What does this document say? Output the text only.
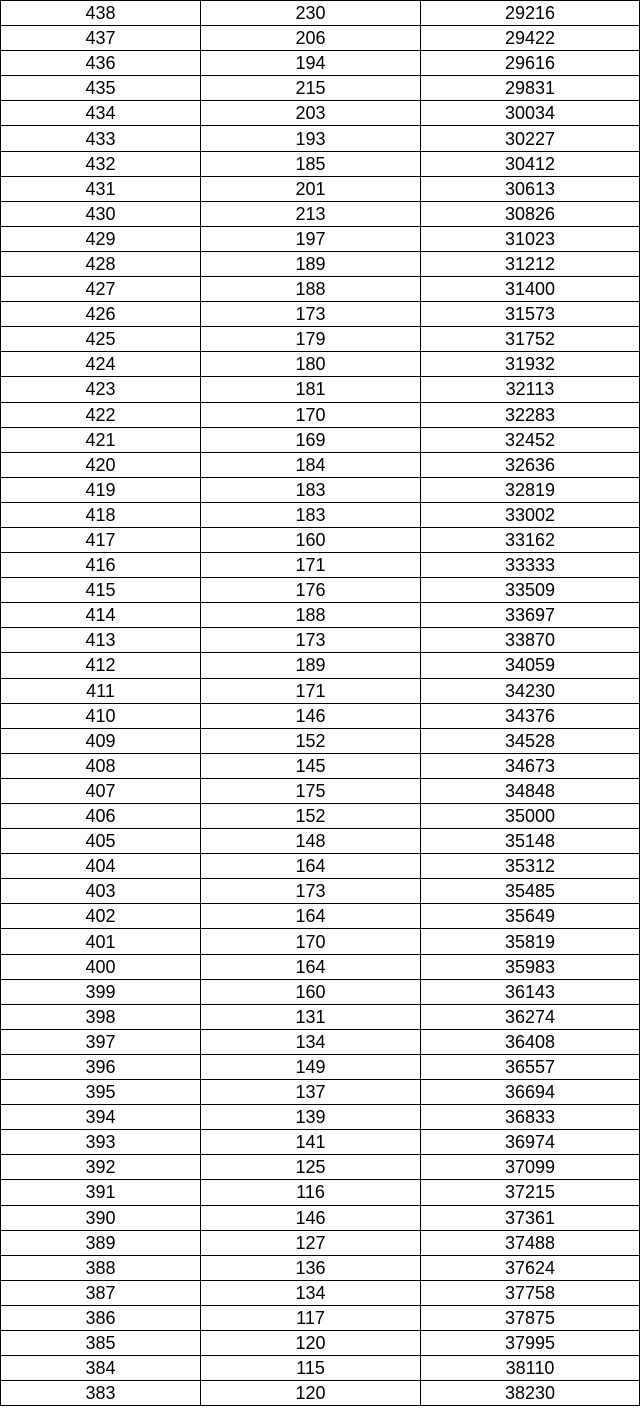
438	230	29216
437	206	29422
436	194	29616
435	215	29831
434	203	30034
433	193	30227
432	185	30412
431	201	30613
430	213	30826
429	197	31023
428	189	31212
427	188	31400
426	173	31573
425	179	31752
424	180	31932
423	181	32113
422	170	32283
421	169	32452
420	184	32636
419	183	32819
418	183	33002
417	160	33162
416	171	33333
415	176	33509
414	188	33697
413	173	33870
412	189	34059
411	171	34230
410	146	34376
409	152	34528
408	145	34673
407	175	34848
406	152	35000
405	148	35148
404	164	35312
403	173	35485
402	164	35649
401	170	35819
400	164	35983
399	160	36143
398	131	36274
397	134	36408
396	149	36557
395	137	36694
394	139	36833
393	141	36974
392	125	37099
391	116	37215
390	146	37361
389	127	37488
388	136	37624
387	134	37758
386	117	37875
385	120	37995
384	115	38110
383	120	38230
